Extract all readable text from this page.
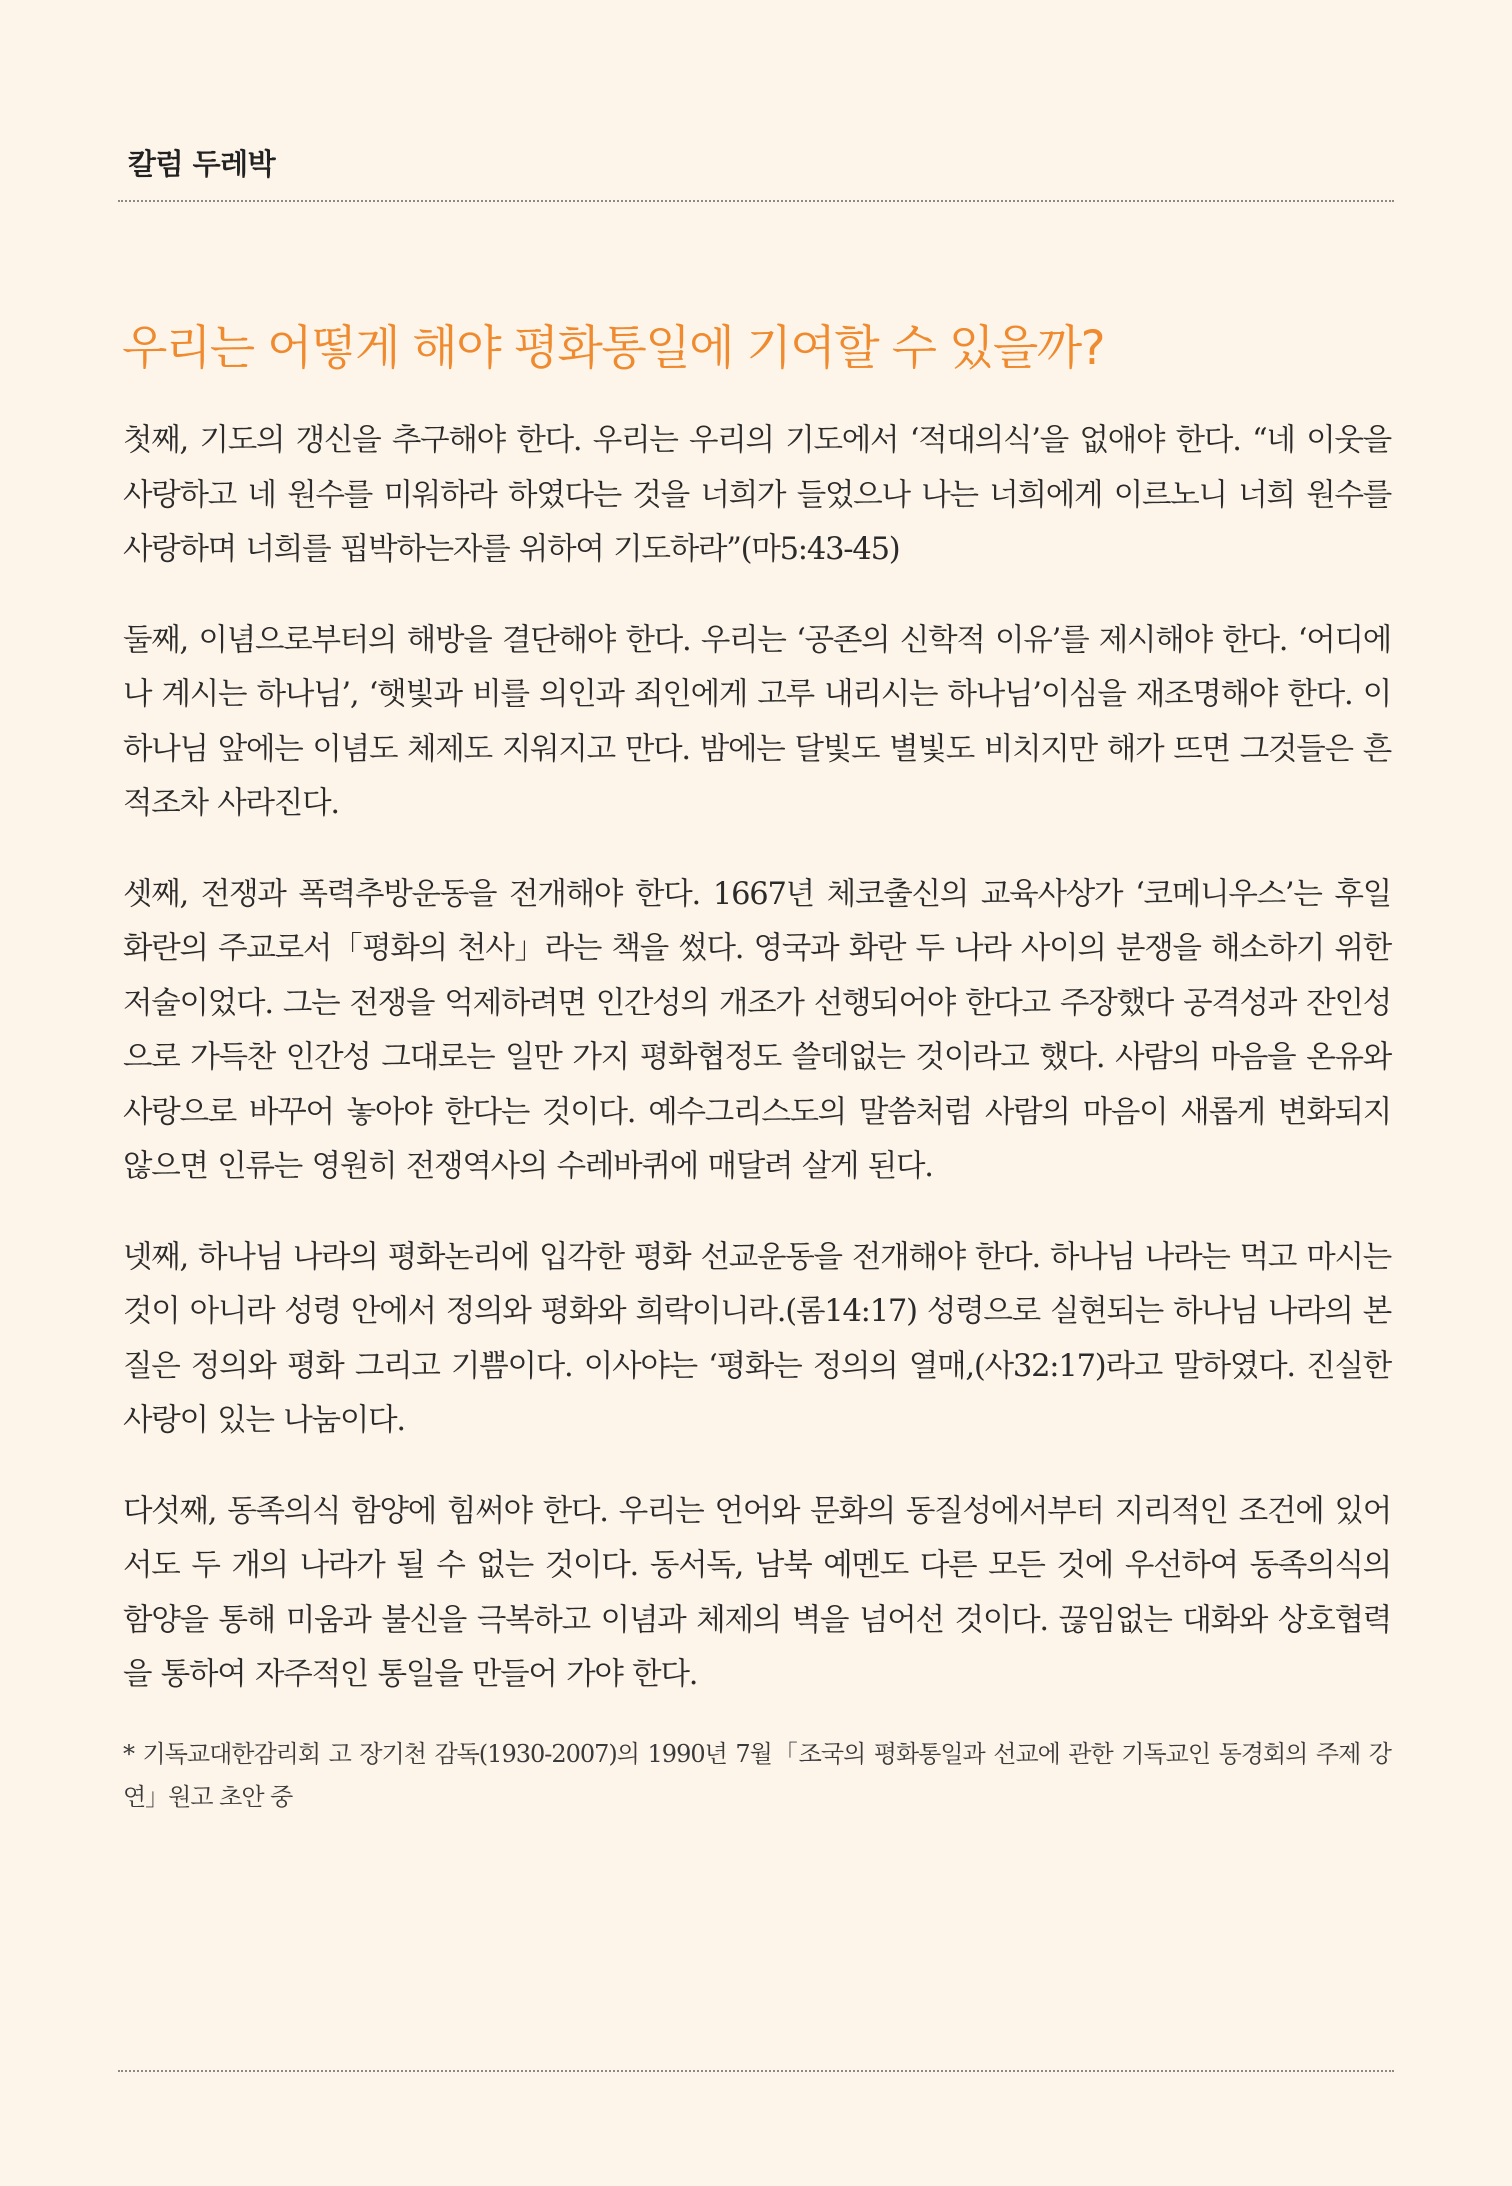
칼럼 두레박
우리는 어떻게 해야 평화통일에 기여할 수 있을까?

첫째, 기도의 갱신을 추구해야 한다. 우리는 우리의 기도에서 ‘적대의식’을 없애야 한다. “네 이웃을 사랑하고 네 원수를 미워하라 하였다는 것을 너희가 들었으나 나는 너희에게 이르노니 너희 원수를 사랑하며 너희를 핍박하는자를 위하여 기도하라”(마5:43-45)

둘째, 이념으로부터의 해방을 결단해야 한다. 우리는 ‘공존의 신학적 이유’를 제시해야 한다. ‘어디에나 계시는 하나님’, ‘햇빛과 비를 의인과 죄인에게 고루 내리시는 하나님’이심을 재조명해야 한다. 이 하나님 앞에는 이념도 체제도 지워지고 만다. 밤에는 달빛도 별빛도 비치지만 해가 뜨면 그것들은 흔적조차 사라진다.

셋째, 전쟁과 폭력추방운동을 전개해야 한다. 1667년 체코출신의 교육사상가 ‘코메니우스’는 후일 화란의 주교로서「평화의 천사」라는 책을 썼다. 영국과 화란 두 나라 사이의 분쟁을 해소하기 위한 저술이었다. 그는 전쟁을 억제하려면 인간성의 개조가 선행되어야 한다고 주장했다 공격성과 잔인성으로 가득찬 인간성 그대로는 일만 가지 평화협정도 쓸데없는 것이라고 했다. 사람의 마음을 온유와 사랑으로 바꾸어 놓아야 한다는 것이다. 예수그리스도의 말씀처럼 사람의 마음이 새롭게 변화되지 않으면 인류는 영원히 전쟁역사의 수레바퀴에 매달려 살게 된다.

넷째, 하나님 나라의 평화논리에 입각한 평화 선교운동을 전개해야 한다. 하나님 나라는 먹고 마시는 것이 아니라 성령 안에서 정의와 평화와 희락이니라.(롬14:17) 성령으로 실현되는 하나님 나라의 본질은 정의와 평화 그리고 기쁨이다. 이사야는 ‘평화는 정의의 열매,(사32:17)라고 말하였다. 진실한 사랑이 있는 나눔이다.

다섯째, 동족의식 함양에 힘써야 한다. 우리는 언어와 문화의 동질성에서부터 지리적인 조건에 있어 서도 두 개의 나라가 될 수 없는 것이다. 동서독, 남북 예멘도 다른 모든 것에 우선하여 동족의식의 함양을 통해 미움과 불신을 극복하고 이념과 체제의 벽을 넘어선 것이다. 끊임없는 대화와 상호협력을 통하여 자주적인 통일을 만들어 가야 한다.

* 기독교대한감리회 고 장기천 감독(1930-2007)의 1990년 7월「조국의 평화통일과 선교에 관한 기독교인 동경회의 주제 강연」원고 초안 중
